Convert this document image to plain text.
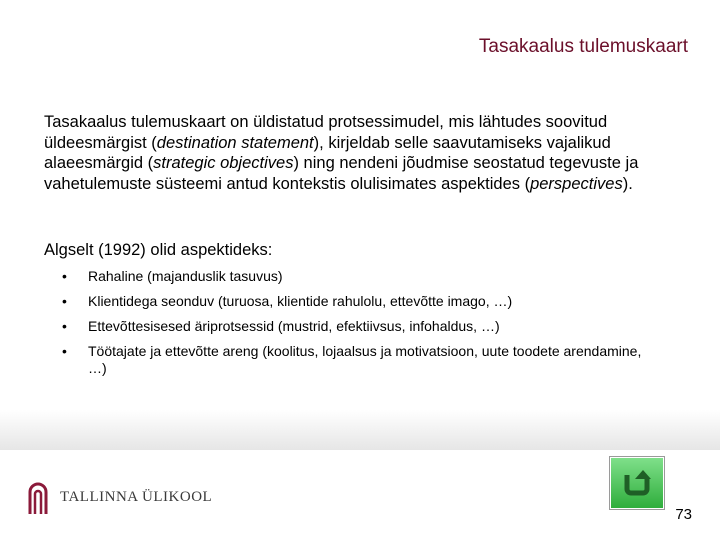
Tasakaalus tulemuskaart

Tasakaalus tulemuskaart on üldistatud protsessimudel, mis lähtudes soovitud üldeesmärgist (destination statement), kirjeldab selle saavutamiseks vajalikud alaeesmärgid (strategic objectives) ning nendeni jõudmise seostatud tegevuste ja vahetulemuste süsteemi antud kontekstis olulisimates aspektides (perspectives).

Algselt (1992) olid aspektideks:
• Rahaline (majanduslik tasuvus)
• Klientidega seonduv (turuosa, klientide rahulolu, ettevõtte imago, …)
• Ettevõttesisesed äriprotsessid (mustrid, efektiivsus, infohaldus, …)
• Töötajate ja ettevõtte areng (koolitus, lojaalsus ja motivatsioon, uute toodete arendamine, …)
TALLINNA ÜLIKOOL
73
